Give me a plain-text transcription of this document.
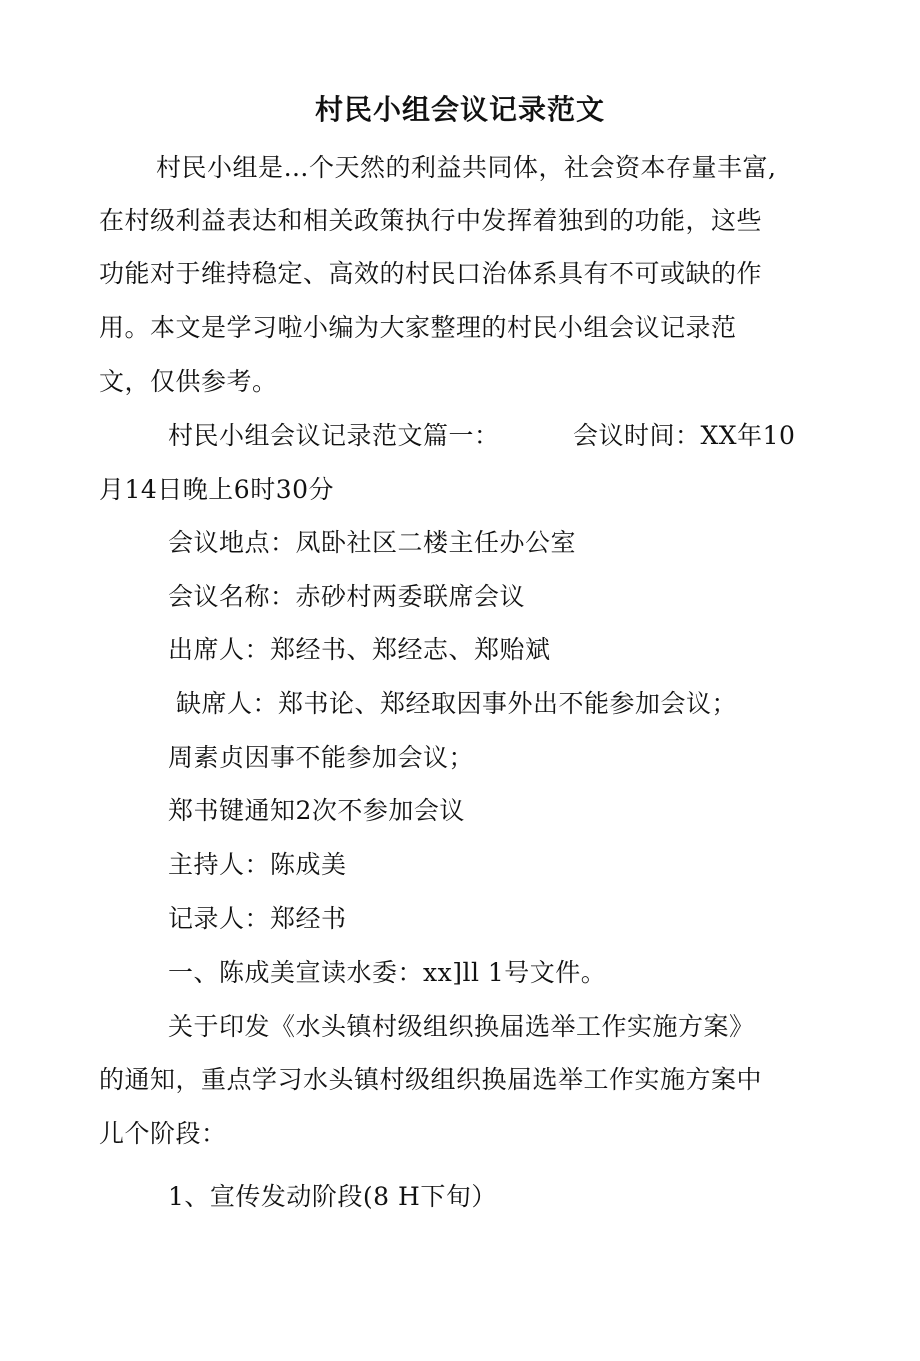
村民小组会议记录范文
村民小组是…个天然的利益共同体，社会资本存量丰富,
在村级利益表达和相关政策执行中发挥着独到的功能，这些
功能对于维持稳定、高效的村民口治体系具有不可或缺的作
用。本文是学习啦小编为大家整理的村民小组会议记录范
文，仅供参考。
村民小组会议记录范文篇一：	会议时间：XX年10
月14日晚上6时30分
会议地点：凤卧社区二楼主任办公室
会议名称：赤砂村两委联席会议
出席人：郑经书、郑经志、郑贻斌
缺席人：郑书论、郑经取因事外出不能参加会议；
周素贞因事不能参加会议；
郑书键通知2次不参加会议
主持人：陈成美
记录人：郑经书
一、陈成美宣读水委：xx]ll 1号文件。
关于印发《水头镇村级组织换届选举工作实施方案》
的通知，重点学习水头镇村级组织换届选举工作实施方案中
儿个阶段：
1、宣传发动阶段(8 H下旬）
